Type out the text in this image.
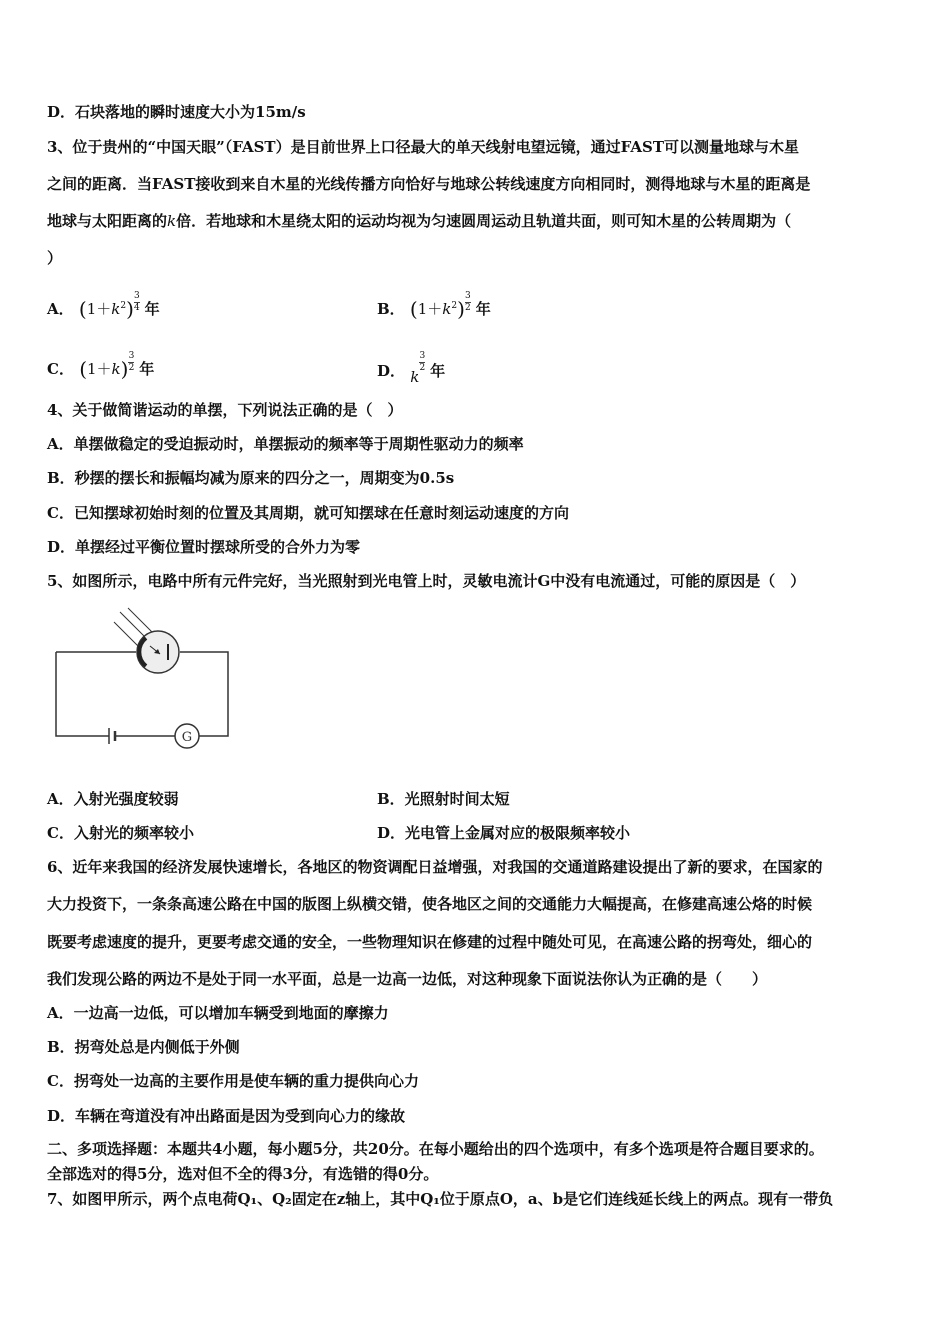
D．石块落地的瞬时速度大小为15m/s
3、位于贵州的“中国天眼”（FAST）是目前世界上口径最大的单天线射电望远镜，通过FAST可以测量地球与木星
之间的距离．当FAST接收到来自木星的光线传播方向恰好与地球公转线速度方向相同时，测得地球与木星的距离是
地球与太阳距离的k倍．若地球和木星绕太阳的运动均视为匀速圆周运动且轨道共面，则可知木星的公转周期为（
）
A． $(1+k^2) \frac{3}{4}$ 年	B． $(1+k^2) \frac{3}{2}$ 年
C． $(1+k) \frac{3}{2}$ 年	D． k
$\frac{3}{2}$ 年
4、关于做简谐运动的单摆，下列说法正确的是（　）
A．单摆做稳定的受迫振动时，单摆振动的频率等于周期性驱动力的频率
B．秒摆的摆长和振幅均减为原来的四分之一，周期变为0.5s
C．已知摆球初始时刻的位置及其周期，就可知摆球在任意时刻运动速度的方向
D．单摆经过平衡位置时摆球所受的合外力为零
5、如图所示，电路中所有元件完好，当光照射到光电管上时，灵敏电流计G中没有电流通过，可能的原因是（　）
G
A．入射光强度较弱	B．光照射时间太短
C．入射光的频率较小	D．光电管上金属对应的极限频率较小
6、近年来我国的经济发展快速增长，各地区的物资调配日益增强，对我国的交通道路建设提出了新的要求，在国家的
大力投资下，一条条高速公路在中国的版图上纵横交错，使各地区之间的交通能力大幅提高，在修建高速公烙的时候
既要考虑速度的提升，更要考虑交通的安全，一些物理知识在修建的过程中随处可见，在高速公路的拐弯处，细心的
我们发现公路的两边不是处于同一水平面，总是一边高一边低，对这种现象下面说法你认为正确的是（　　）
A．一边高一边低，可以增加车辆受到地面的摩擦力
B．拐弯处总是内侧低于外侧
C．拐弯处一边高的主要作用是使车辆的重力提供向心力
D．车辆在弯道没有冲出路面是因为受到向心力的缘故
二、多项选择题：本题共4小题，每小题5分，共20分。在每小题给出的四个选项中，有多个选项是符合题目要求的。
全部选对的得5分，选对但不全的得3分，有选错的得0分。
7、如图甲所示，两个点电荷Q₁、Q₂固定在z轴上，其中Q₁位于原点O，a、b是它们连线延长线上的两点。现有一带负
